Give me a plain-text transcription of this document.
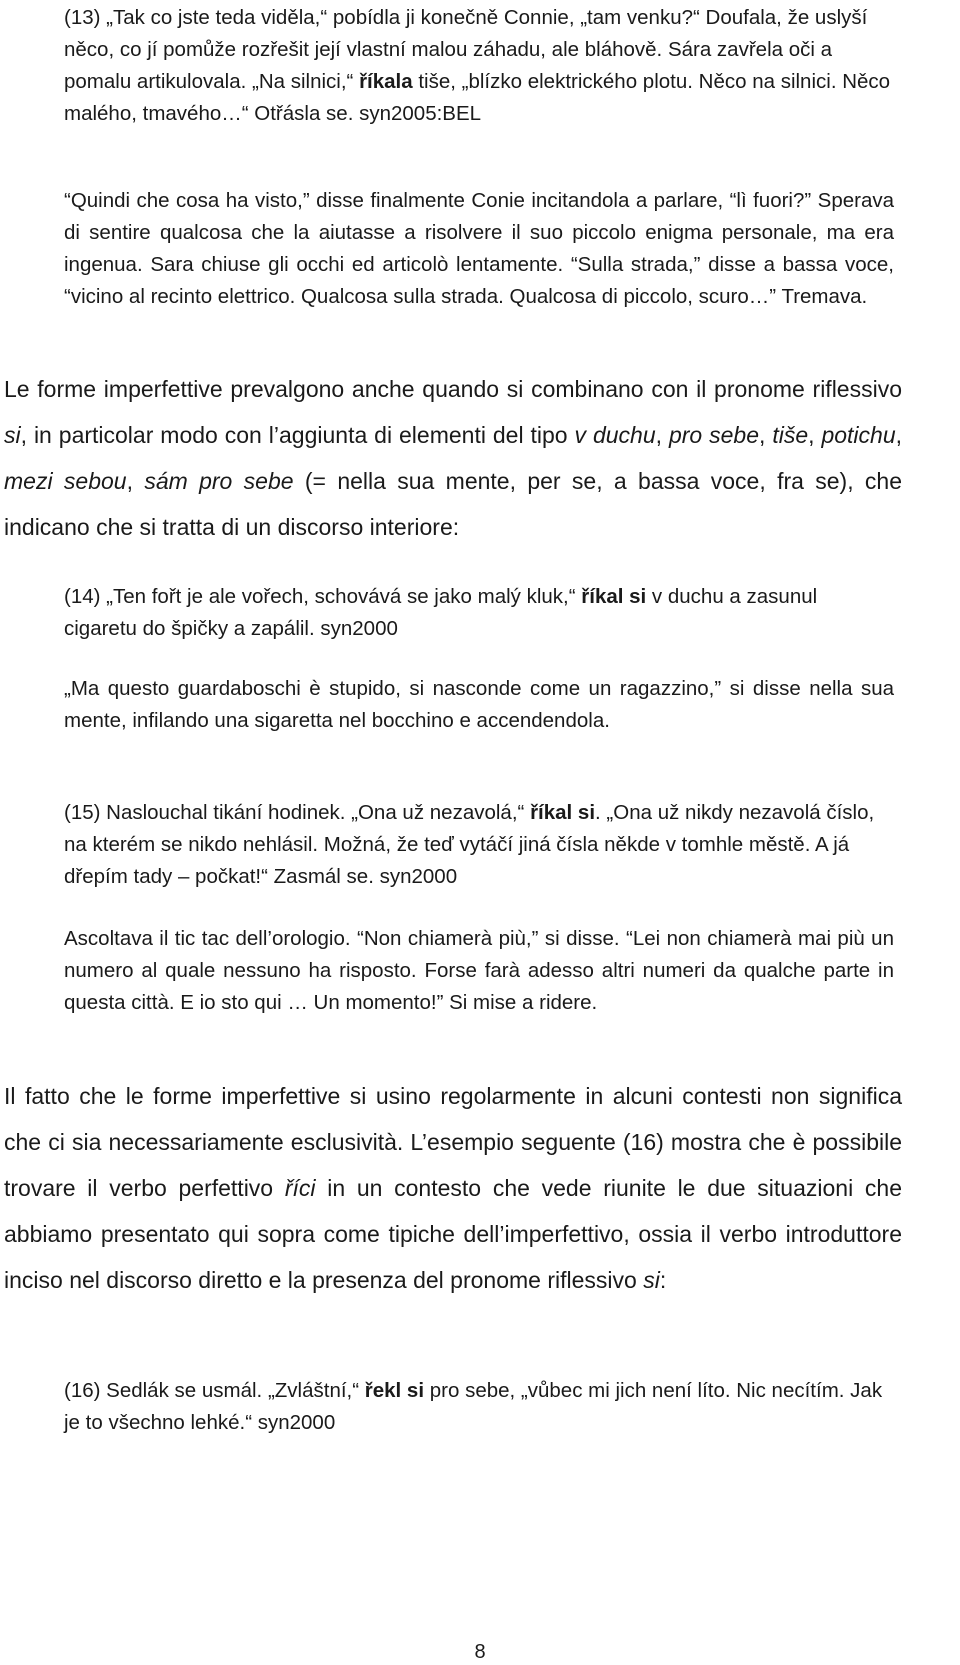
(13) „Tak co jste teda viděla,“ pobídla ji konečně Connie, „tam venku?“ Doufala, že uslyší něco, co jí pomůže rozřešit její vlastní malou záhadu, ale bláhově. Sára zavřela oči a pomalu artikulovala. „Na silnici,“ říkala tiše, „blízko elektrického plotu. Něco na silnici. Něco malého, tmavého…“ Otřásla se. syn2005:BEL

“Quindi che cosa ha visto,” disse finalmente Conie incitandola a parlare, “lì fuori?” Sperava di sentire qualcosa che la aiutasse a risolvere il suo piccolo enigma personale, ma era ingenua. Sara chiuse gli occhi ed articolò lentamente. “Sulla strada,” disse a bassa voce, “vicino al recinto elettrico. Qualcosa sulla strada. Qualcosa di piccolo, scuro…” Tremava.

Le forme imperfettive prevalgono anche quando si combinano con il pronome riflessivo si, in particolar modo con l’aggiunta di elementi del tipo v duchu, pro sebe, tiše, potichu, mezi sebou, sám pro sebe (= nella sua mente, per se, a bassa voce, fra se), che indicano che si tratta di un discorso interiore:

(14) „Ten fořt je ale vořech, schovává se jako malý kluk,“ říkal si v duchu a zasunul cigaretu do špičky a zapálil. syn2000

„Ma questo guardaboschi è stupido, si nasconde come un ragazzino,” si disse nella sua mente, infilando una sigaretta nel bocchino e accendendola.

(15) Naslouchal tikání hodinek. „Ona už nezavolá,“ říkal si. „Ona už nikdy nezavolá číslo, na kterém se nikdo nehlásil. Možná, že teď vytáčí jiná čísla někde v tomhle městě. A já dřepím tady – počkat!“ Zasmál se. syn2000

Ascoltava il tic tac dell’orologio. “Non chiamerà più,” si disse. “Lei non chiamerà mai più un numero al quale nessuno ha risposto. Forse farà adesso altri numeri da qualche parte in questa città. E io sto qui … Un momento!” Si mise a ridere.

Il fatto che le forme imperfettive si usino regolarmente in alcuni contesti non significa che ci sia necessariamente esclusività. L’esempio seguente (16) mostra che è possibile trovare il verbo perfettivo říci in un contesto che vede riunite le due situazioni che abbiamo presentato qui sopra come tipiche dell’imperfettivo, ossia il verbo introduttore inciso nel discorso diretto e la presenza del pronome riflessivo si:

(16) Sedlák se usmál. „Zvláštní,“ řekl si pro sebe, „vůbec mi jich není líto. Nic necítím. Jak je to všechno lehké.“ syn2000

8
